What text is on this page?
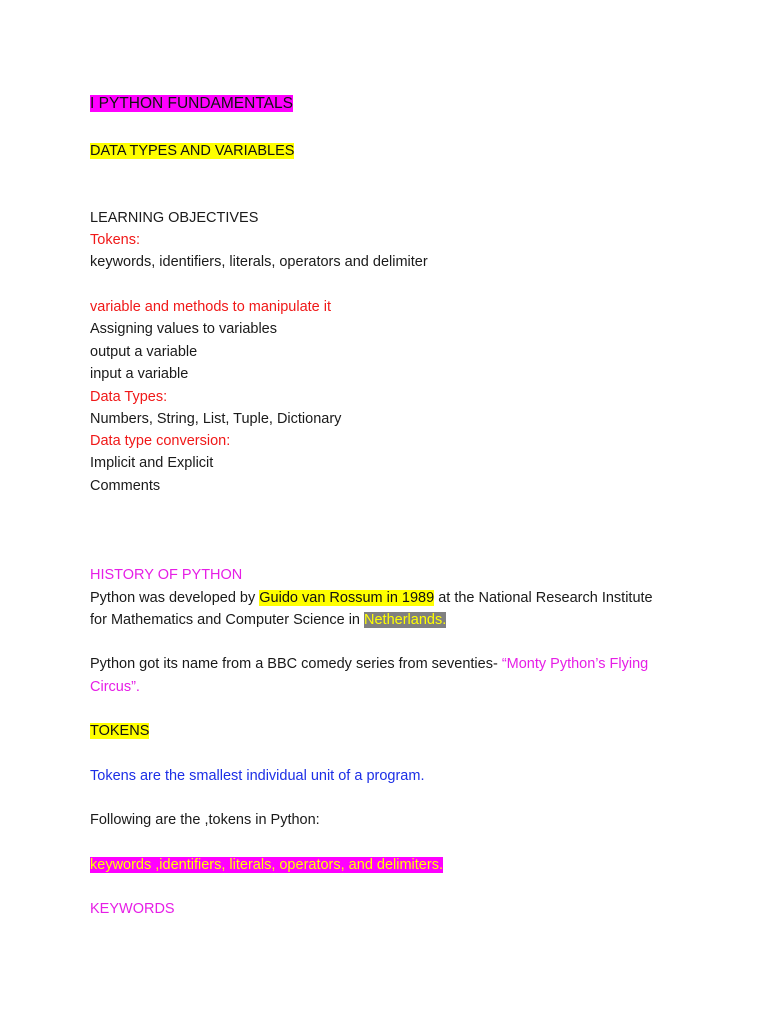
I PYTHON FUNDAMENTALS
DATA TYPES AND VARIABLES
LEARNING OBJECTIVES
Tokens:
keywords, identifiers, literals, operators and delimiter
variable and methods to manipulate it
Assigning values to variables
output a variable
input a variable
Data Types:
Numbers, String, List, Tuple, Dictionary
Data type conversion:
Implicit and Explicit
Comments
HISTORY OF PYTHON
Python was developed by Guido van Rossum in 1989 at the National Research Institute
for Mathematics and Computer Science in Netherlands.
Python got its name from a BBC comedy series from seventies- “Monty Python’s Flying
Circus”.
TOKENS
Tokens are the smallest individual unit of a program.
Following are the ,tokens in Python:
keywords ,identifiers, literals, operators, and delimiters.
KEYWORDS
